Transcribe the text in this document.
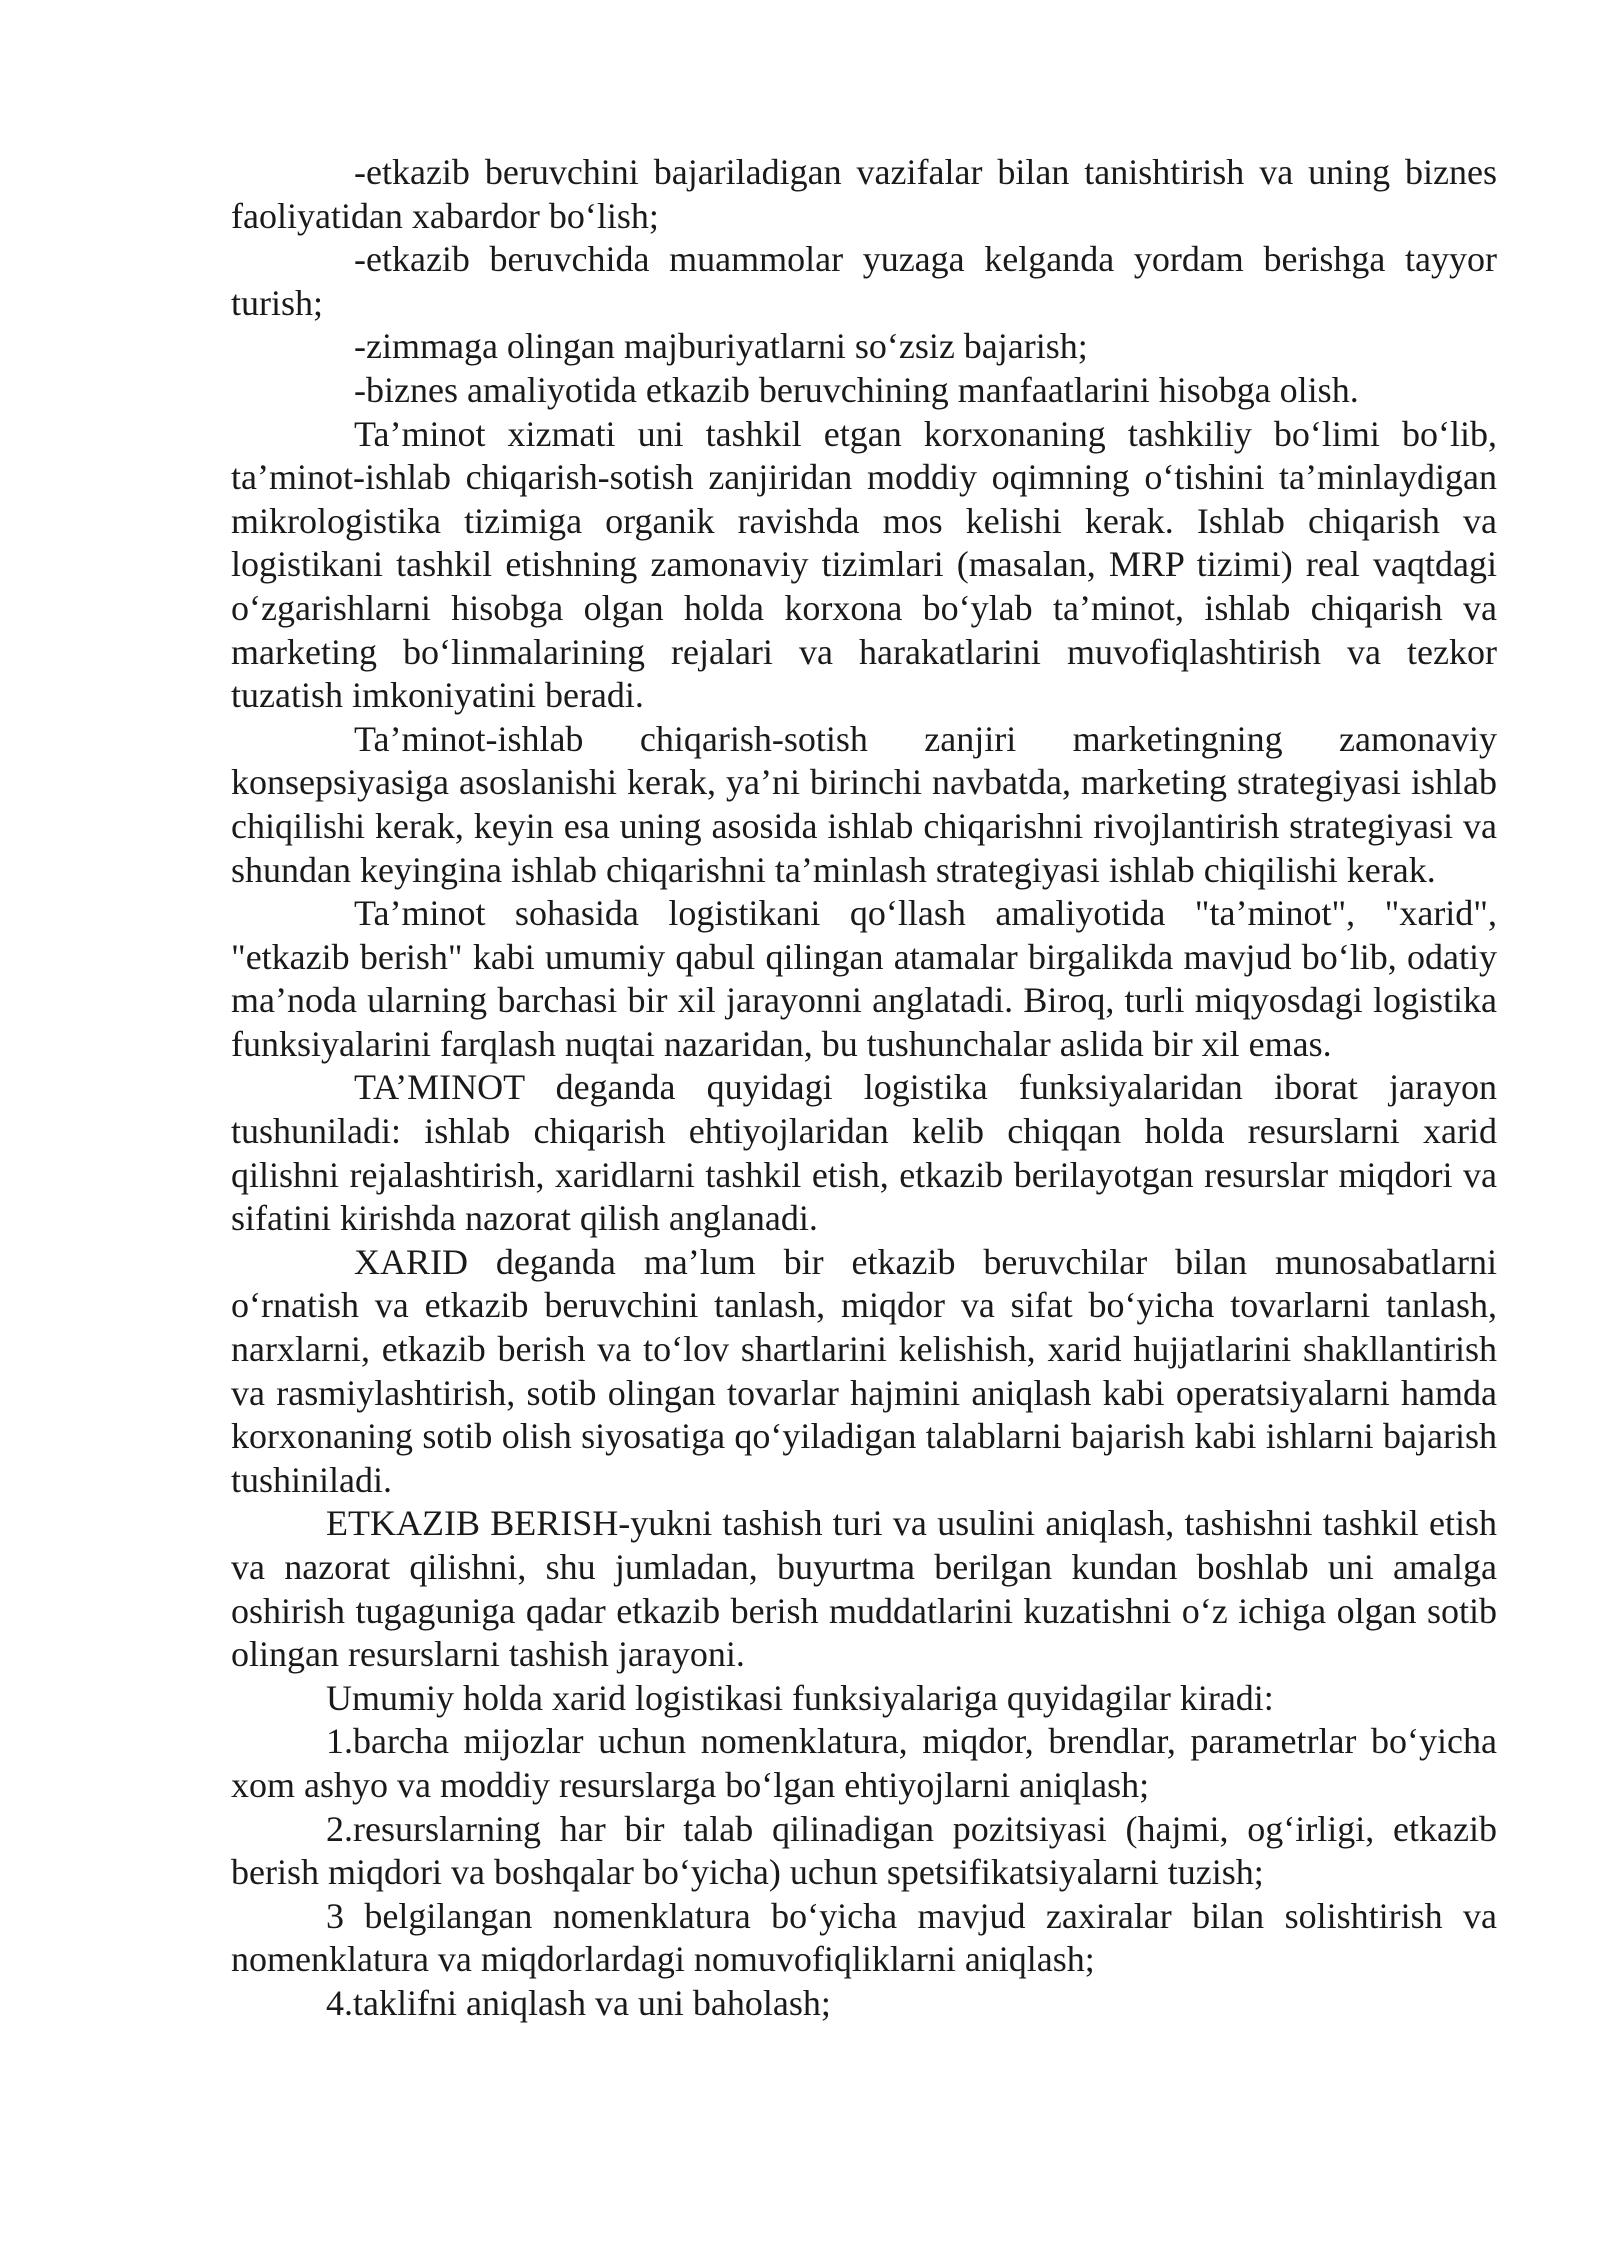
-etkazib beruvchini bajariladigan vazifalar bilan tanishtirish va uning biznes faoliyatidan xabardor bo‘lish;

-etkazib beruvchida muammolar yuzaga kelganda yordam berishga tayyor turish;

-zimmaga olingan majburiyatlarni so‘zsiz bajarish;

-biznes amaliyotida etkazib beruvchining manfaatlarini hisobga olish.

Ta’minot xizmati uni tashkil etgan korxonaning tashkiliy bo‘limi bo‘lib, ta’minot-ishlab chiqarish-sotish zanjiridan moddiy oqimning o‘tishini ta’minlaydigan mikrologistika tizimiga organik ravishda mos kelishi kerak. Ishlab chiqarish va logistikani tashkil etishning zamonaviy tizimlari (masalan, MRP tizimi) real vaqtdagi o‘zgarishlarni hisobga olgan holda korxona bo‘ylab ta’minot, ishlab chiqarish va marketing bo‘linmalarining rejalari va harakatlarini muvofiqlashtirish va tezkor tuzatish imkoniyatini beradi.

Ta’minot-ishlab chiqarish-sotish zanjiri marketingning zamonaviy konsepsiyasiga asoslanishi kerak, ya’ni birinchi navbatda, marketing strategiyasi ishlab chiqilishi kerak, keyin esa uning asosida ishlab chiqarishni rivojlantirish strategiyasi va shundan keyingina ishlab chiqarishni ta’minlash strategiyasi ishlab chiqilishi kerak.

Ta’minot sohasida logistikani qo‘llash amaliyotida "ta’minot", "xarid", "etkazib berish" kabi umumiy qabul qilingan atamalar birgalikda mavjud bo‘lib, odatiy ma’noda ularning barchasi bir xil jarayonni anglatadi. Biroq, turli miqyosdagi logistika funksiyalarini farqlash nuqtai nazaridan, bu tushunchalar aslida bir xil emas.

TA’MINOT deganda quyidagi logistika funksiyalaridan iborat jarayon tushuniladi: ishlab chiqarish ehtiyojlaridan kelib chiqqan holda resurslarni xarid qilishni rejalashtirish, xaridlarni tashkil etish, etkazib berilayotgan resurslar miqdori va sifatini kirishda nazorat qilish anglanadi.

XARID deganda ma’lum bir etkazib beruvchilar bilan munosabatlarni o‘rnatish va etkazib beruvchini tanlash, miqdor va sifat bo‘yicha tovarlarni tanlash, narxlarni, etkazib berish va to‘lov shartlarini kelishish, xarid hujjatlarini shakllantirish va rasmiylashtirish, sotib olingan tovarlar hajmini aniqlash kabi operatsiyalarni hamda korxonaning sotib olish siyosatiga qo‘yiladigan talablarni bajarish kabi ishlarni bajarish tushiniladi.

ETKAZIB BERISH-yukni tashish turi va usulini aniqlash, tashishni tashkil etish va nazorat qilishni, shu jumladan, buyurtma berilgan kundan boshlab uni amalga oshirish tugaguniga qadar etkazib berish muddatlarini kuzatishni o‘z ichiga olgan sotib olingan resurslarni tashish jarayoni.

Umumiy holda xarid logistikasi funksiyalariga quyidagilar kiradi:

1.barcha mijozlar uchun nomenklatura, miqdor, brendlar, parametrlar bo‘yicha xom ashyo va moddiy resurslarga bo‘lgan ehtiyojlarni aniqlash;

2.resurslarning har bir talab qilinadigan pozitsiyasi (hajmi, og‘irligi, etkazib berish miqdori va boshqalar bo‘yicha) uchun spetsifikatsiyalarni tuzish;

3 belgilangan nomenklatura bo‘yicha mavjud zaxiralar bilan solishtirish va nomenklatura va miqdorlardagi nomuvofiqliklarni aniqlash;

4.taklifni aniqlash va uni baholash;
